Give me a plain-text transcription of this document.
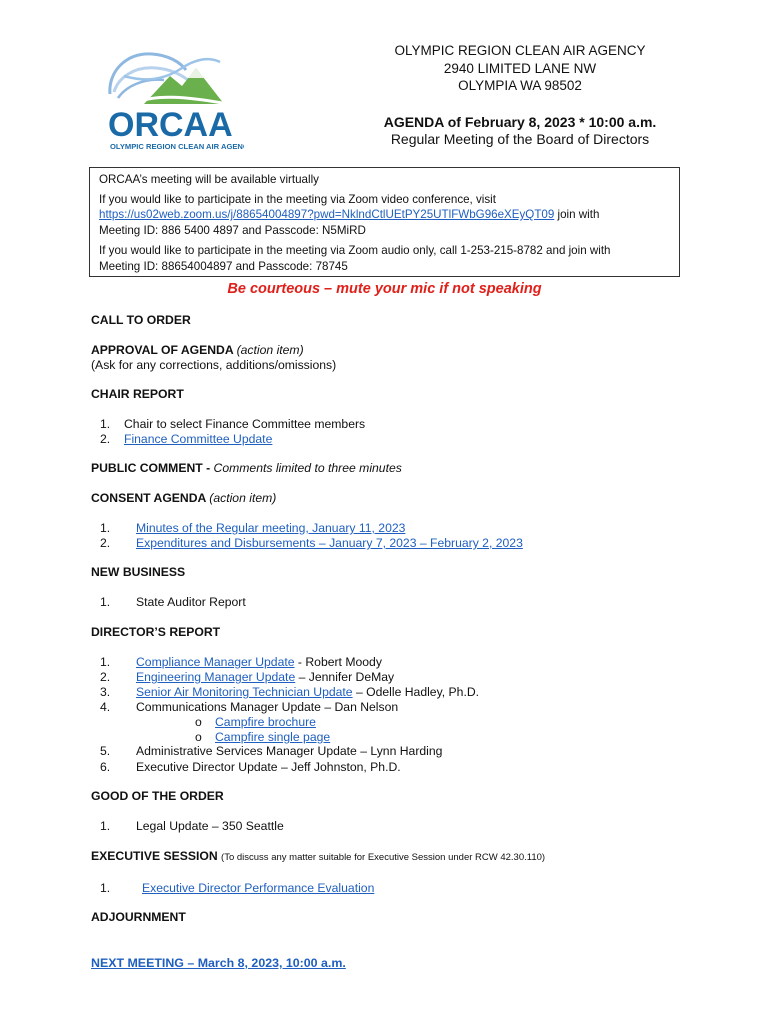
ORCAA
OLYMPIC REGION CLEAN AIR AGENCY
OLYMPIC REGION CLEAN AIR AGENCY
2940 LIMITED LANE NW
OLYMPIA WA 98502
AGENDA of February 8, 2023 * 10:00 a.m.
Regular Meeting of the Board of Directors

ORCAA’s meeting will be available virtually

If you would like to participate in the meeting via Zoom video conference, visit
https://us02web.zoom.us/j/88654004897?pwd=NklndCtlUEtPY25UTlFWbG96eXEyQT09 join with
Meeting ID: 886 5400 4897 and Passcode: N5MiRD

If you would like to participate in the meeting via Zoom audio only, call 1-253-215-8782 and join with
Meeting ID: 88654004897 and Passcode: 78745

Be courteous – mute your mic if not speaking
CALL TO ORDER
APPROVAL OF AGENDA (action item)
(Ask for any corrections, additions/omissions)
CHAIR REPORT
1. Chair to select Finance Committee members
2. Finance Committee Update
PUBLIC COMMENT - Comments limited to three minutes
CONSENT AGENDA (action item)
1. Minutes of the Regular meeting, January 11, 2023
2. Expenditures and Disbursements – January 7, 2023 – February 2, 2023
NEW BUSINESS
1. State Auditor Report
DIRECTOR’S REPORT
1. Compliance Manager Update - Robert Moody
2. Engineering Manager Update – Jennifer DeMay
3. Senior Air Monitoring Technician Update – Odelle Hadley, Ph.D.
4. Communications Manager Update – Dan Nelson
o Campfire brochure
o Campfire single page
5. Administrative Services Manager Update – Lynn Harding
6. Executive Director Update – Jeff Johnston, Ph.D.
GOOD OF THE ORDER
1. Legal Update – 350 Seattle
EXECUTIVE SESSION (To discuss any matter suitable for Executive Session under RCW 42.30.110)
1.	Executive Director Performance Evaluation
ADJOURNMENT
NEXT MEETING – March 8, 2023, 10:00 a.m.
